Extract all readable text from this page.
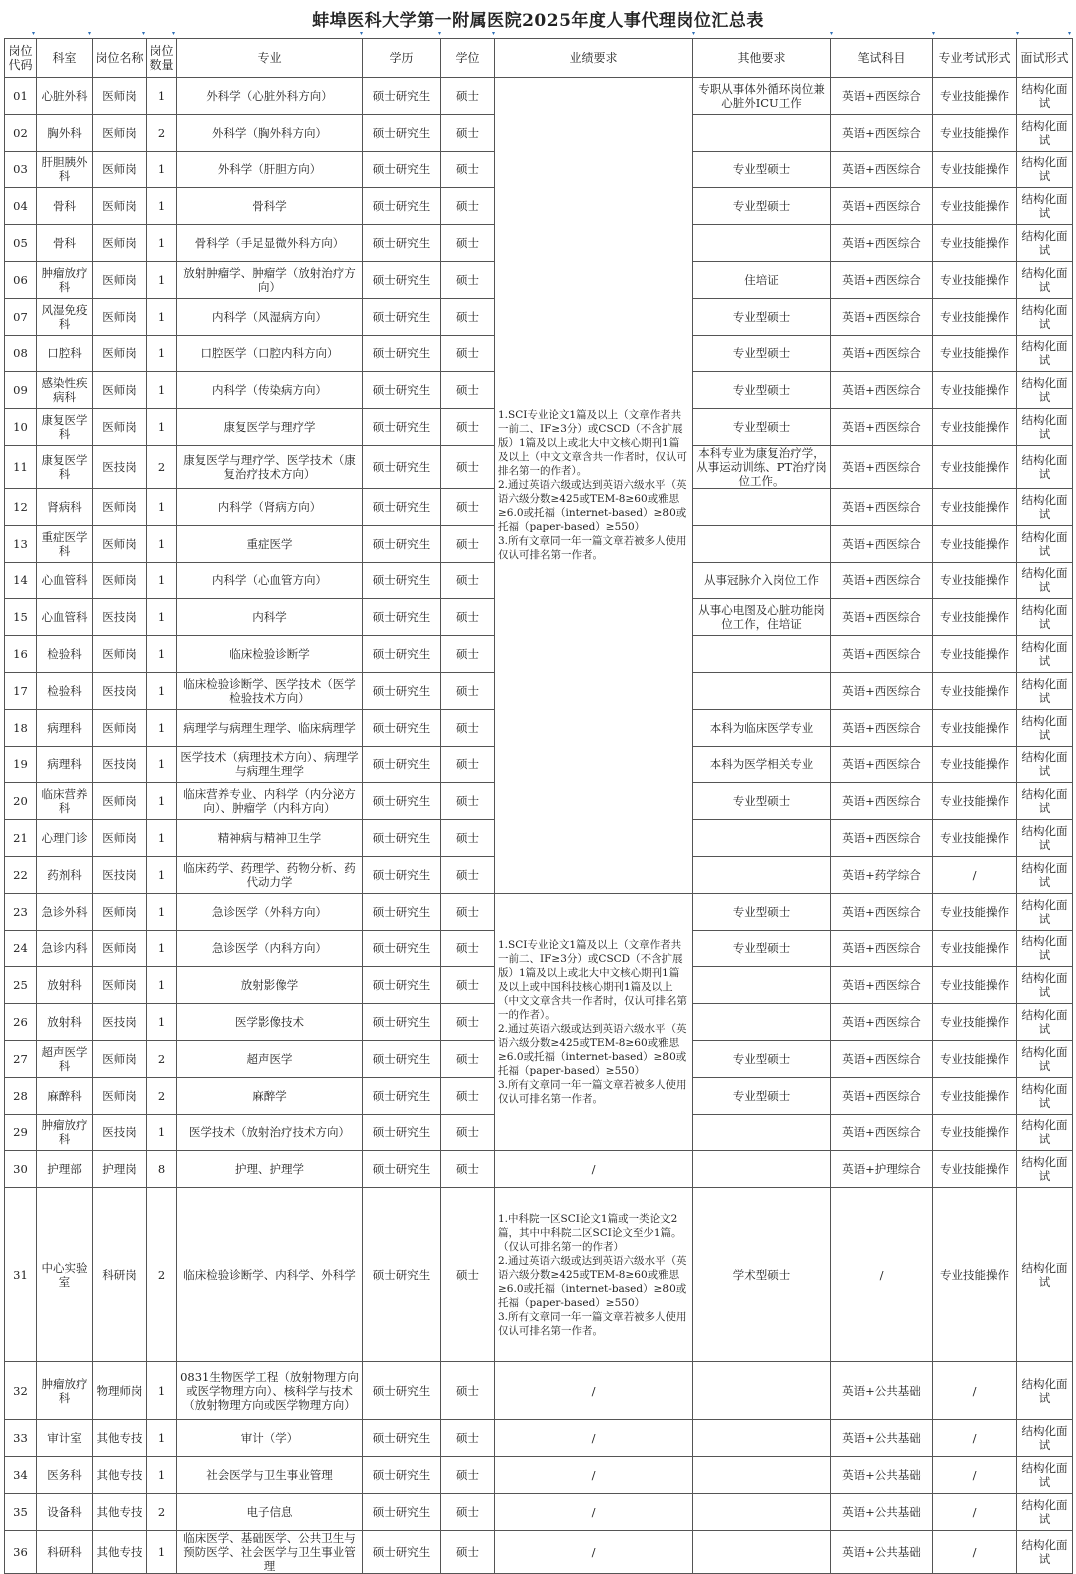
蚌埠医科大学第一附属医院2025年度人事代理岗位汇总表
▾	▾	▾	▾	▾	▾	▾	▾	▾	▾	▾	▾
岗位代码	科室	岗位名称	岗位数量	专业	学历	学位	业绩要求	其他要求	笔试科目	专业考试形式	面试形式
01	心脏外科	医师岗	1	外科学（心脏外科方向）	硕士研究生	硕士	1.SCI专业论文1篇及以上（文章作者共一前二、IF≥3分）或CSCD（不含扩展版）1篇及以上或北大中文核心期刊1篇及以上（中文文章含共一作者时，仅认可排名第一的作者）。
2.通过英语六级或达到英语六级水平（英语六级分数≥425或TEM-8≥60或雅思≥6.0或托福（internet-based）≥80或托福（paper-based）≥550）
3.所有文章同一年一篇文章若被多人使用仅认可排名第一作者。	专职从事体外循环岗位兼心脏外ICU工作	英语+西医综合	专业技能操作	结构化面试
02	胸外科	医师岗	2	外科学（胸外科方向）	硕士研究生	硕士			英语+西医综合	专业技能操作	结构化面试
03	肝胆胰外科	医师岗	1	外科学（肝胆方向）	硕士研究生	硕士		专业型硕士	英语+西医综合	专业技能操作	结构化面试
04	骨科	医师岗	1	骨科学	硕士研究生	硕士		专业型硕士	英语+西医综合	专业技能操作	结构化面试
05	骨科	医师岗	1	骨科学（手足显微外科方向）	硕士研究生	硕士			英语+西医综合	专业技能操作	结构化面试
06	肿瘤放疗科	医师岗	1	放射肿瘤学、肿瘤学（放射治疗方向）	硕士研究生	硕士		住培证	英语+西医综合	专业技能操作	结构化面试
07	风湿免疫科	医师岗	1	内科学（风湿病方向）	硕士研究生	硕士		专业型硕士	英语+西医综合	专业技能操作	结构化面试
08	口腔科	医师岗	1	口腔医学（口腔内科方向）	硕士研究生	硕士		专业型硕士	英语+西医综合	专业技能操作	结构化面试
09	感染性疾病科	医师岗	1	内科学（传染病方向）	硕士研究生	硕士		专业型硕士	英语+西医综合	专业技能操作	结构化面试
10	康复医学科	医师岗	1	康复医学与理疗学	硕士研究生	硕士		专业型硕士	英语+西医综合	专业技能操作	结构化面试
11	康复医学科	医技岗	2	康复医学与理疗学、医学技术（康复治疗技术方向）	硕士研究生	硕士		本科专业为康复治疗学，从事运动训练、PT治疗岗位工作。	英语+西医综合	专业技能操作	结构化面试
12	肾病科	医师岗	1	内科学（肾病方向）	硕士研究生	硕士			英语+西医综合	专业技能操作	结构化面试
13	重症医学科	医师岗	1	重症医学	硕士研究生	硕士			英语+西医综合	专业技能操作	结构化面试
14	心血管科	医师岗	1	内科学（心血管方向）	硕士研究生	硕士		从事冠脉介入岗位工作	英语+西医综合	专业技能操作	结构化面试
15	心血管科	医技岗	1	内科学	硕士研究生	硕士		从事心电图及心脏功能岗位工作，住培证	英语+西医综合	专业技能操作	结构化面试
16	检验科	医师岗	1	临床检验诊断学	硕士研究生	硕士			英语+西医综合	专业技能操作	结构化面试
17	检验科	医技岗	1	临床检验诊断学、医学技术（医学检验技术方向）	硕士研究生	硕士			英语+西医综合	专业技能操作	结构化面试
18	病理科	医师岗	1	病理学与病理生理学、临床病理学	硕士研究生	硕士		本科为临床医学专业	英语+西医综合	专业技能操作	结构化面试
19	病理科	医技岗	1	医学技术（病理技术方向）、病理学与病理生理学	硕士研究生	硕士		本科为医学相关专业	英语+西医综合	专业技能操作	结构化面试
20	临床营养科	医师岗	1	临床营养专业、内科学（内分泌方向）、肿瘤学（内科方向）	硕士研究生	硕士		专业型硕士	英语+西医综合	专业技能操作	结构化面试
21	心理门诊	医师岗	1	精神病与精神卫生学	硕士研究生	硕士			英语+西医综合	专业技能操作	结构化面试
22	药剂科	医技岗	1	临床药学、药理学、药物分析、药代动力学	硕士研究生	硕士			英语+药学综合	/	结构化面试
23	急诊外科	医师岗	1	急诊医学（外科方向）	硕士研究生	硕士	1.SCI专业论文1篇及以上（文章作者共一前二、IF≥3分）或CSCD（不含扩展版）1篇及以上或北大中文核心期刊1篇及以上或中国科技核心期刊1篇及以上（中文文章含共一作者时，仅认可排名第一的作者）。
2.通过英语六级或达到英语六级水平（英语六级分数≥425或TEM-8≥60或雅思≥6.0或托福（internet-based）≥80或托福（paper-based）≥550）
3.所有文章同一年一篇文章若被多人使用仅认可排名第一作者。	专业型硕士	英语+西医综合	专业技能操作	结构化面试
24	急诊内科	医师岗	1	急诊医学（内科方向）	硕士研究生	硕士		专业型硕士	英语+西医综合	专业技能操作	结构化面试
25	放射科	医师岗	1	放射影像学	硕士研究生	硕士			英语+西医综合	专业技能操作	结构化面试
26	放射科	医技岗	1	医学影像技术	硕士研究生	硕士			英语+西医综合	专业技能操作	结构化面试
27	超声医学科	医师岗	2	超声医学	硕士研究生	硕士		专业型硕士	英语+西医综合	专业技能操作	结构化面试
28	麻醉科	医师岗	2	麻醉学	硕士研究生	硕士		专业型硕士	英语+西医综合	专业技能操作	结构化面试
29	肿瘤放疗科	医技岗	1	医学技术（放射治疗技术方向）	硕士研究生	硕士			英语+西医综合	专业技能操作	结构化面试
30	护理部	护理岗	8	护理、护理学	硕士研究生	硕士	/		英语+护理综合	专业技能操作	结构化面试
31	中心实验室	科研岗	2	临床检验诊断学、内科学、外科学	硕士研究生	硕士	1.中科院一区SCI论文1篇或一类论文2篇，其中中科院二区SCI论文至少1篇。（仅认可排名第一的作者）
2.通过英语六级或达到英语六级水平（英语六级分数≥425或TEM-8≥60或雅思≥6.0或托福（internet-based）≥80或托福（paper-based）≥550）
3.所有文章同一年一篇文章若被多人使用仅认可排名第一作者。	学术型硕士	/	专业技能操作	结构化面试
32	肿瘤放疗科	物理师岗	1	0831生物医学工程（放射物理方向或医学物理方向）、核科学与技术（放射物理方向或医学物理方向）	硕士研究生	硕士	/		英语+公共基础	/	结构化面试
33	审计室	其他专技	1	审计（学）	硕士研究生	硕士	/		英语+公共基础	/	结构化面试
34	医务科	其他专技	1	社会医学与卫生事业管理	硕士研究生	硕士	/		英语+公共基础	/	结构化面试
35	设备科	其他专技	2	电子信息	硕士研究生	硕士	/		英语+公共基础	/	结构化面试
36	科研科	其他专技	1	临床医学、基础医学、公共卫生与预防医学、社会医学与卫生事业管理	硕士研究生	硕士	/		英语+公共基础	/	结构化面试
